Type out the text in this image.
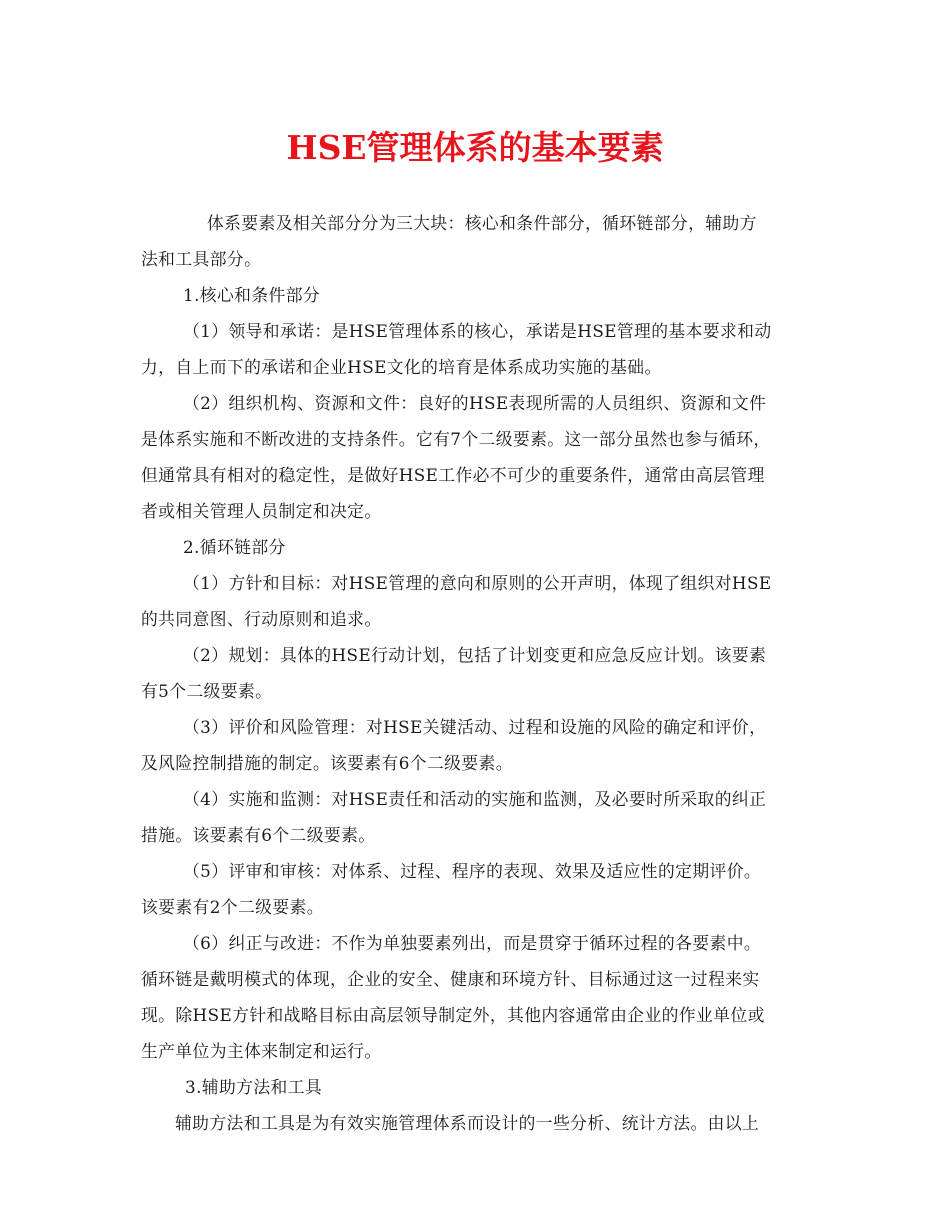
HSE管理体系的基本要素
体系要素及相关部分分为三大块：核心和条件部分，循环链部分，辅助方
法和工具部分。
1.核心和条件部分
（1）领导和承诺：是HSE管理体系的核心，承诺是HSE管理的基本要求和动
力，自上而下的承诺和企业HSE文化的培育是体系成功实施的基础。
（2）组织机构、资源和文件：良好的HSE表现所需的人员组织、资源和文件
是体系实施和不断改进的支持条件。它有7个二级要素。这一部分虽然也参与循环，
但通常具有相对的稳定性，是做好HSE工作必不可少的重要条件，通常由高层管理
者或相关管理人员制定和决定。
2.循环链部分
（1）方针和目标：对HSE管理的意向和原则的公开声明，体现了组织对HSE
的共同意图、行动原则和追求。
（2）规划：具体的HSE行动计划，包括了计划变更和应急反应计划。该要素
有5个二级要素。
（3）评价和风险管理：对HSE关键活动、过程和设施的风险的确定和评价，
及风险控制措施的制定。该要素有6个二级要素。
（4）实施和监测：对HSE责任和活动的实施和监测，及必要时所采取的纠正
措施。该要素有6个二级要素。
（5）评审和审核：对体系、过程、程序的表现、效果及适应性的定期评价。
该要素有2个二级要素。
（6）纠正与改进：不作为单独要素列出，而是贯穿于循环过程的各要素中。
循环链是戴明模式的体现，企业的安全、健康和环境方针、目标通过这一过程来实
现。除HSE方针和战略目标由高层领导制定外，其他内容通常由企业的作业单位或
生产单位为主体来制定和运行。
3.辅助方法和工具
辅助方法和工具是为有效实施管理体系而设计的一些分析、统计方法。由以上
